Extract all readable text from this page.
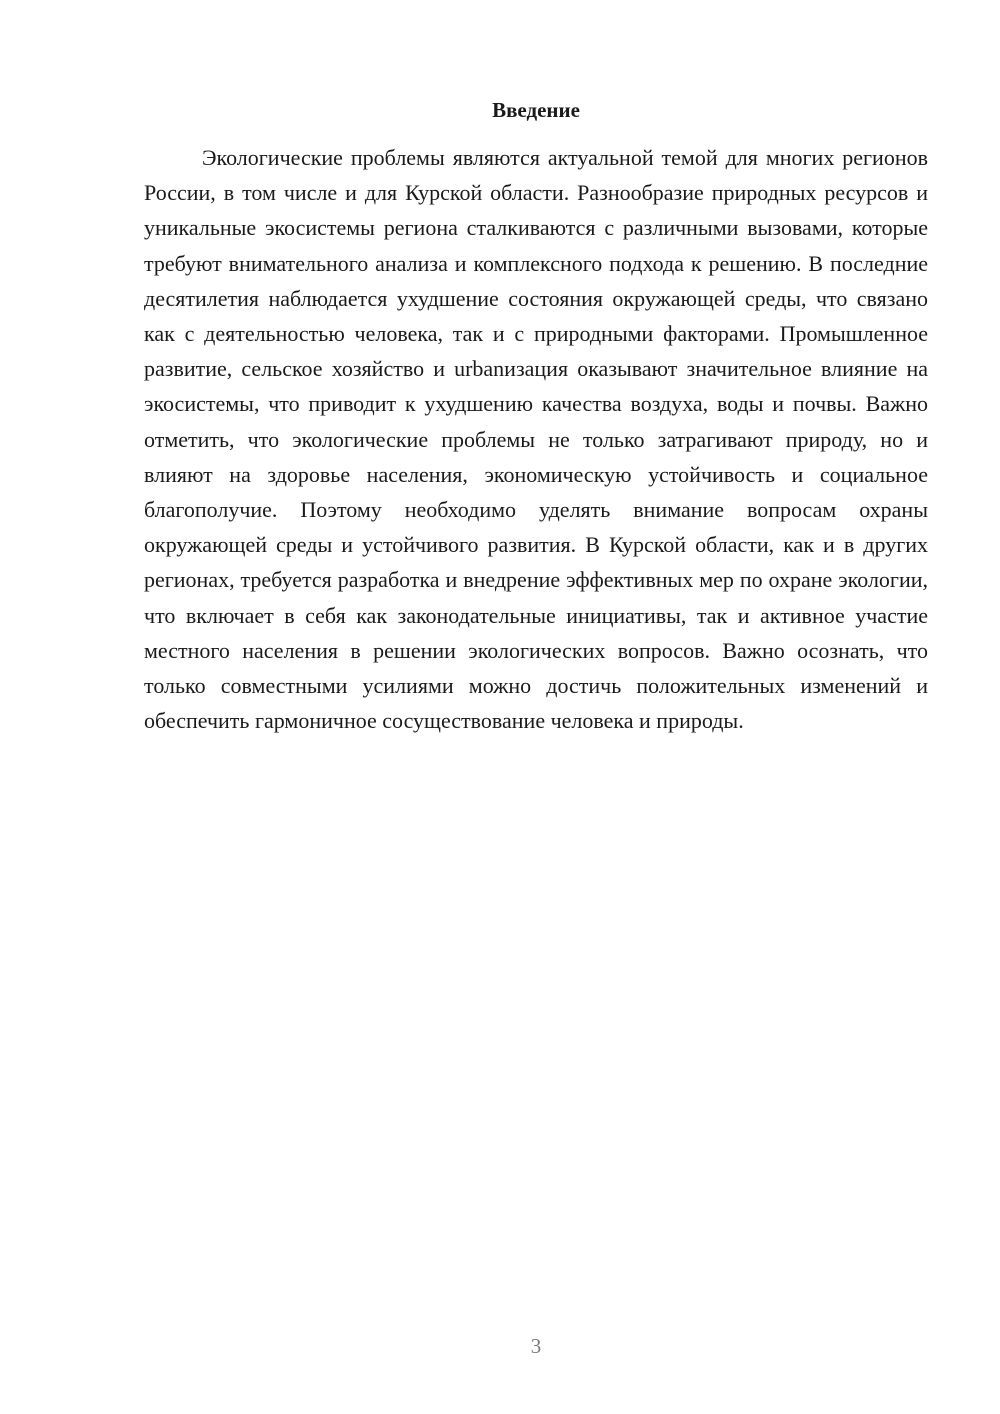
Введение

Экологические проблемы являются актуальной темой для многих регионов России, в том числе и для Курской области. Разнообразие природных ресурсов и уникальные экосистемы региона сталкиваются с различными вызовами, которые требуют внимательного анализа и комплексного подхода к решению. В последние десятилетия наблюдается ухудшение состояния окружающей среды, что связано как с деятельностью человека, так и с природными факторами. Промышленное развитие, сельское хозяйство и urbanизация оказывают значительное влияние на экосистемы, что приводит к ухудшению качества воздуха, воды и почвы. Важно отметить, что экологические проблемы не только затрагивают природу, но и влияют на здоровье населения, экономическую устойчивость и социальное благополучие. Поэтому необходимо уделять внимание вопросам охраны окружающей среды и устойчивого развития. В Курской области, как и в других регионах, требуется разработка и внедрение эффективных мер по охране экологии, что включает в себя как законодательные инициативы, так и активное участие местного населения в решении экологических вопросов. Важно осознать, что только совместными усилиями можно достичь положительных изменений и обеспечить гармоничное сосуществование человека и природы.

3
